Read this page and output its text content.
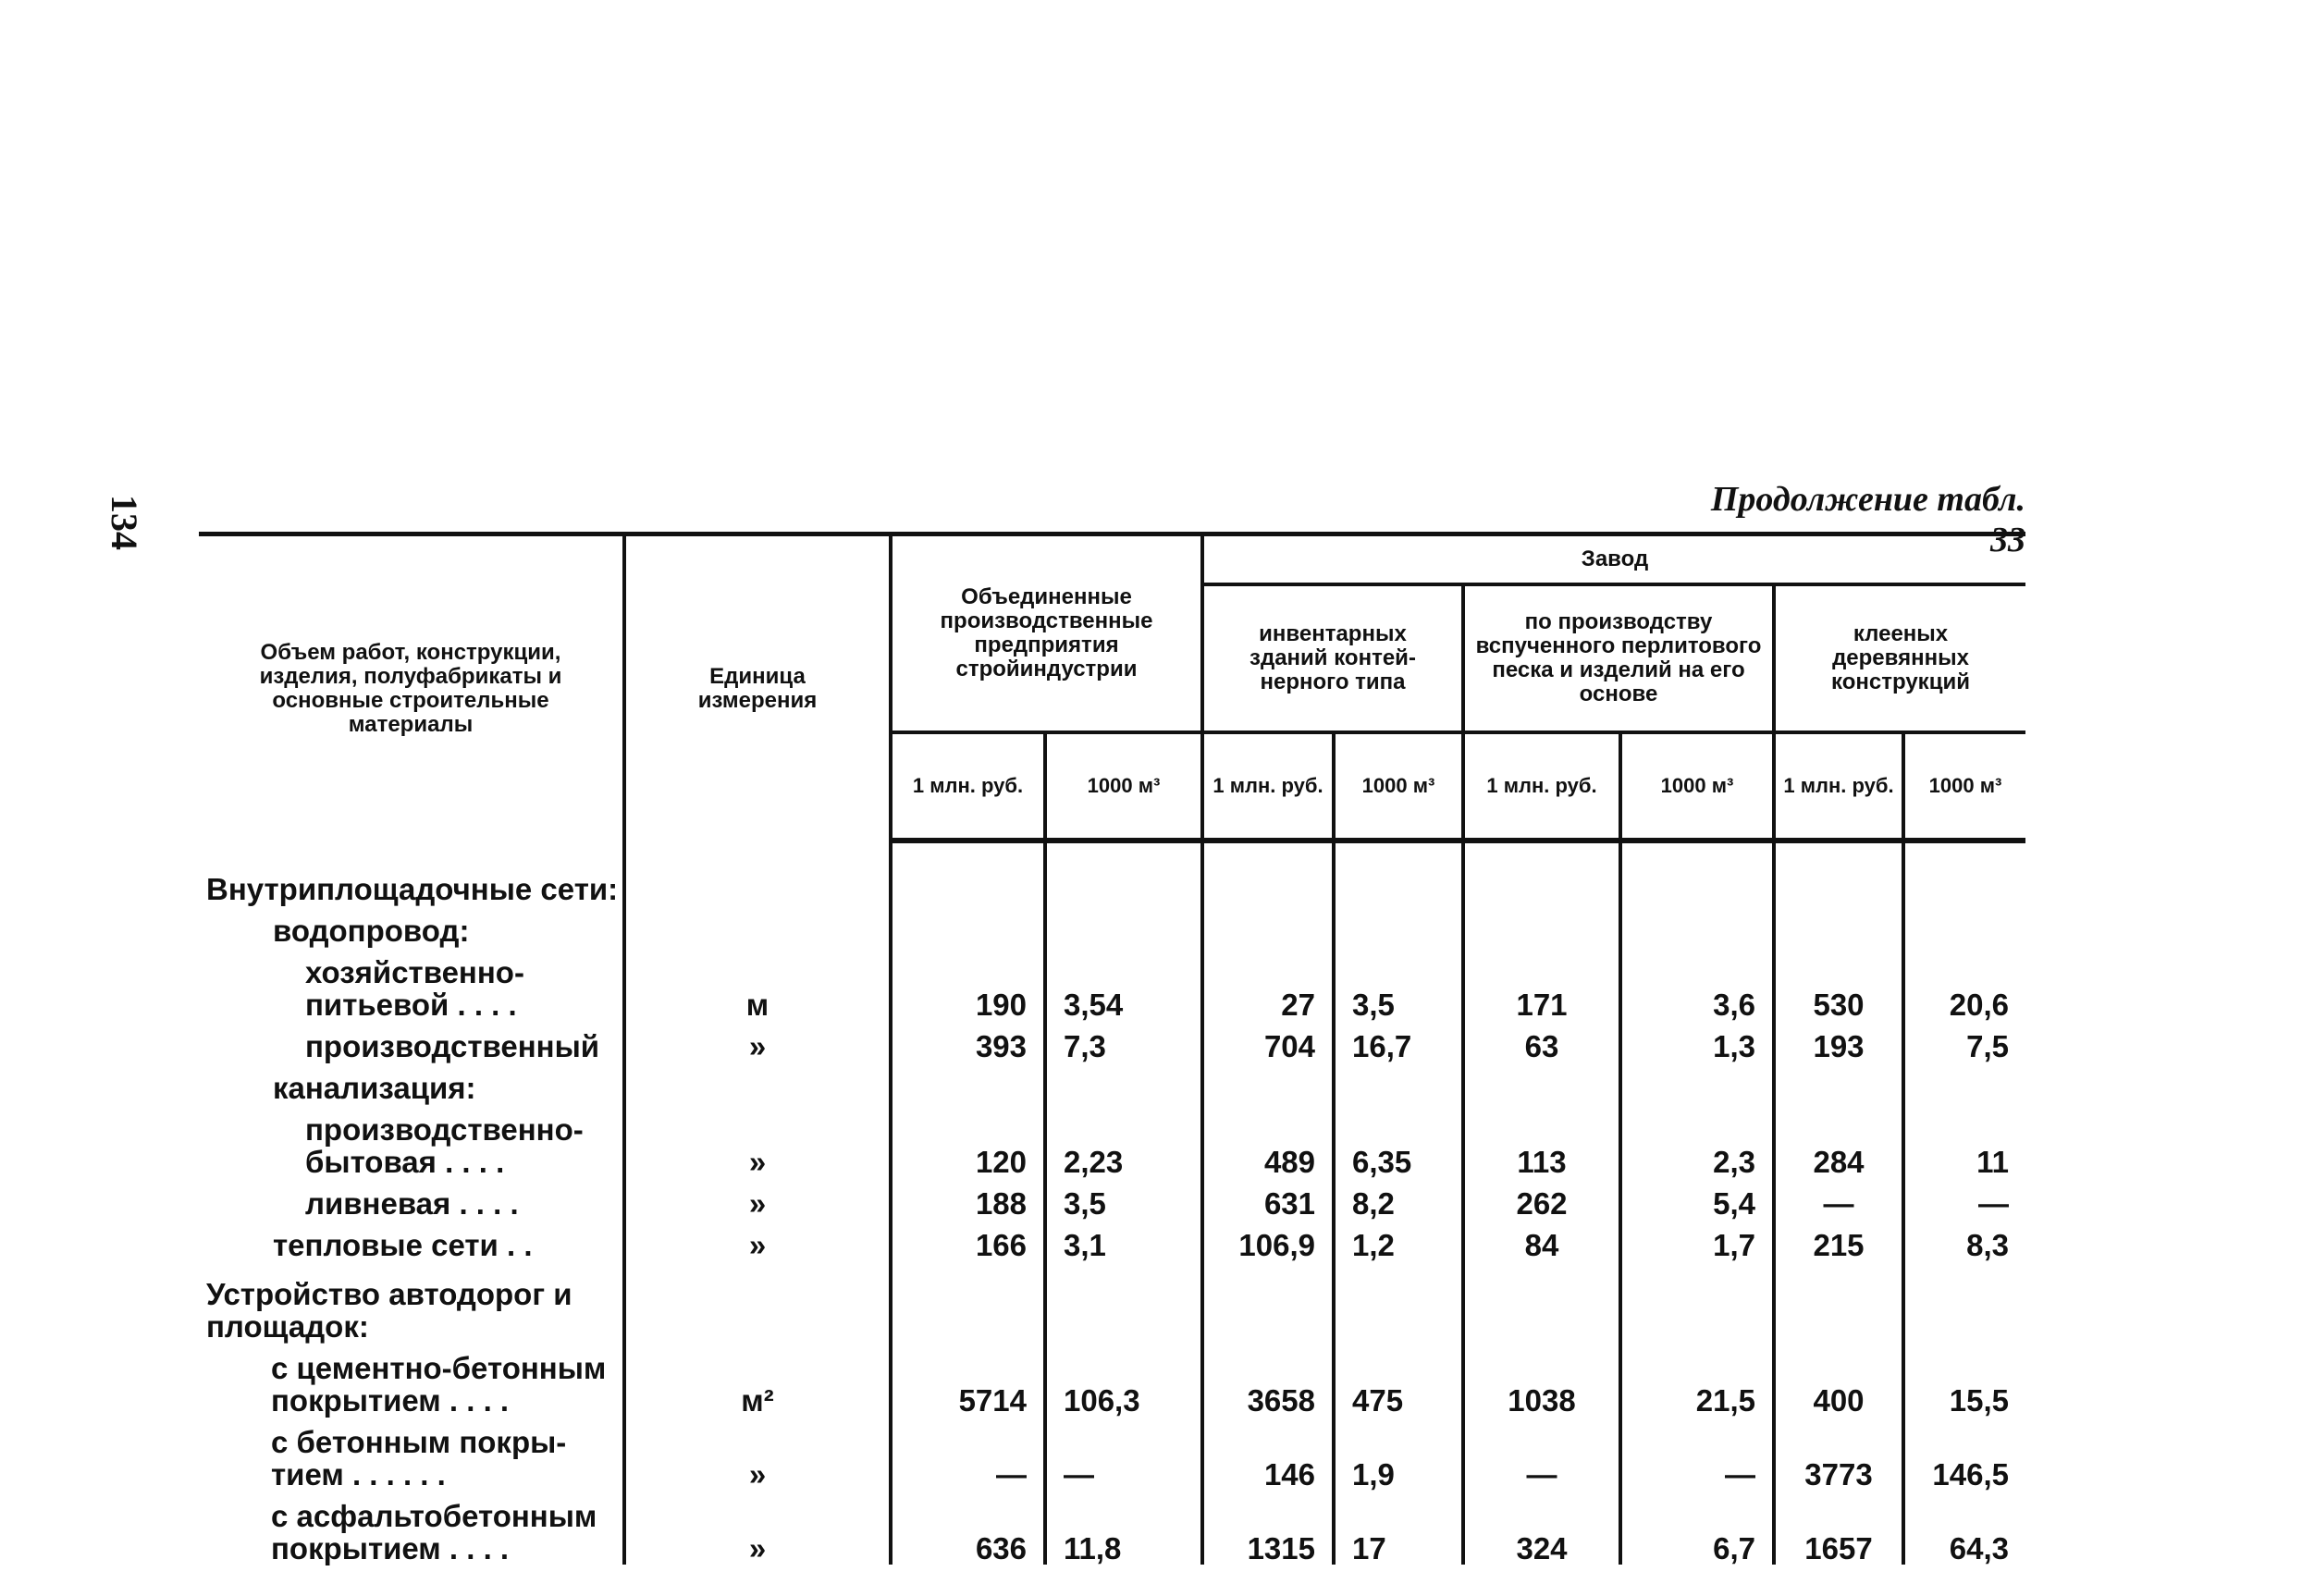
134	Продолжение табл. 33
Объем работ, конструкции, изделия, полуфабрикаты и основные строительные материалы	Единица измерения	Объединенные производственные предприятия стройиндустрии		Завод					
				инвентарных зданий контей-нерного типа		по производству вспученного перлитового песка и изделий на его основе		клееных деревянных конструкций	
		1 млн. руб.	1000 м³	1 млн. руб.	1000 м³	1 млн. руб.	1000 м³	1 млн. руб.	1000 м³

Внутриплощадочные сети:									
водопровод:									
хозяйственно-питьевой . . . .	м	190	3,54	27	3,5	171	3,6	530	20,6
производственный	»	393	7,3	704	16,7	63	1,3	193	7,5
канализация:									
производственно-бытовая . . . .	»	120	2,23	489	6,35	113	2,3	284	11
ливневая . . . .	»	188	3,5	631	8,2	262	5,4	—	—
тепловые сети . .	»	166	3,1	106,9	1,2	84	1,7	215	8,3
Устройство автодорог и площадок:									
с цементно-бетонным покрытием . . . .	м²	5714	106,3	3658	475	1038	21,5	400	15,5
с бетонным покры-тием . . . . . .	»	—	—	146	1,9	—	—	3773	146,5
с асфальтобетонным покрытием . . . .	»	636	11,8	1315	17	324	6,7	1657	64,3
